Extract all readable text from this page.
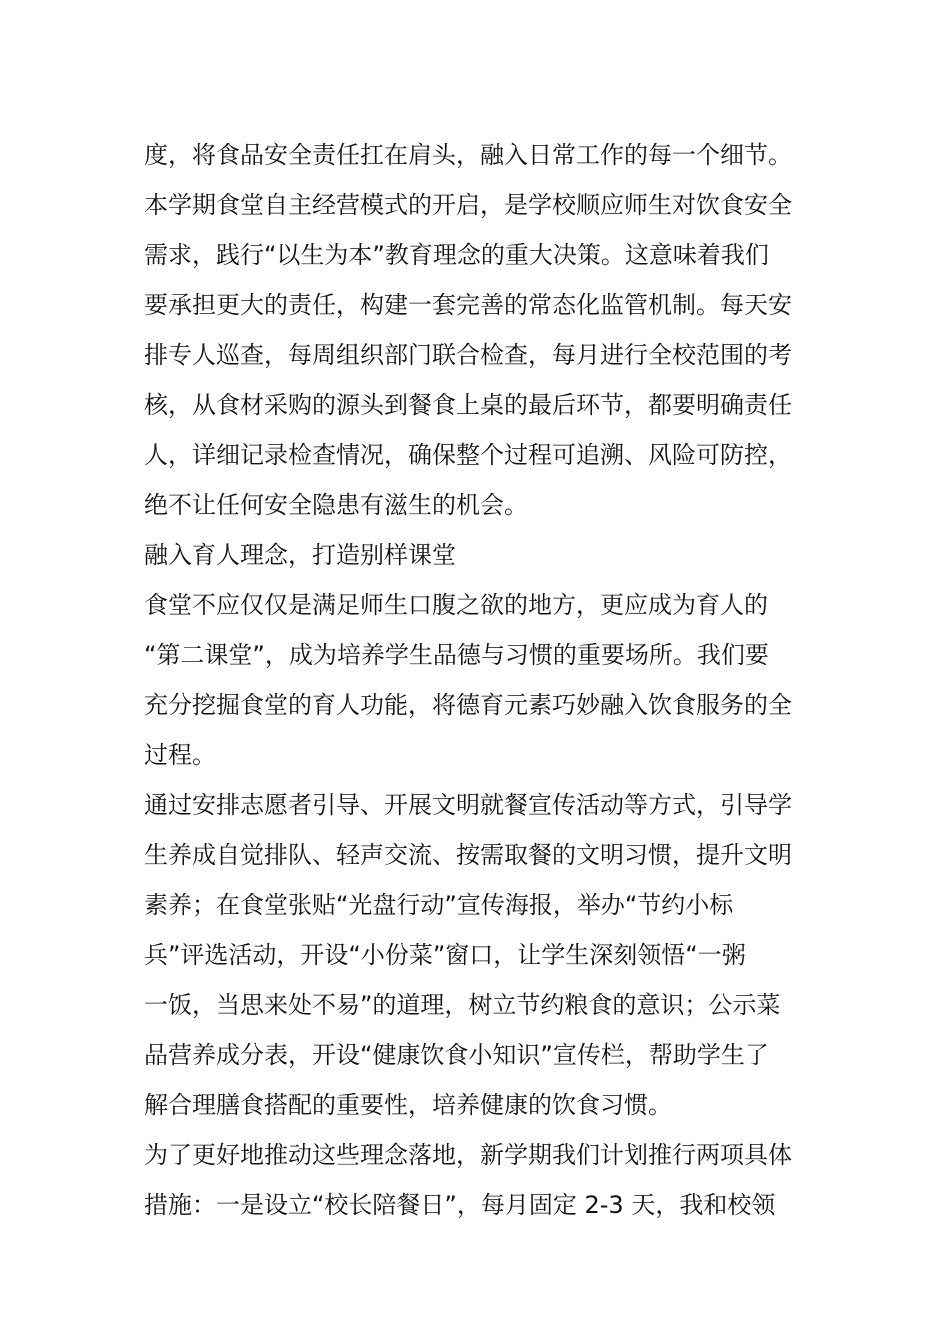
度，将食品安全责任扛在肩头，融入日常工作的每一个细节。
本学期食堂自主经营模式的开启，是学校顺应师生对饮食安全
需求，践行“以生为本”教育理念的重大决策。这意味着我们
要承担更大的责任，构建一套完善的常态化监管机制。每天安
排专人巡查，每周组织部门联合检查，每月进行全校范围的考
核，从食材采购的源头到餐食上桌的最后环节，都要明确责任
人，详细记录检查情况，确保整个过程可追溯、风险可防控，
绝不让任何安全隐患有滋生的机会。
融入育人理念，打造别样课堂
食堂不应仅仅是满足师生口腹之欲的地方，更应成为育人的
“第二课堂”，成为培养学生品德与习惯的重要场所。我们要
充分挖掘食堂的育人功能，将德育元素巧妙融入饮食服务的全
过程。
通过安排志愿者引导、开展文明就餐宣传活动等方式，引导学
生养成自觉排队、轻声交流、按需取餐的文明习惯，提升文明
素养；在食堂张贴“光盘行动”宣传海报，举办“节约小标
兵”评选活动，开设“小份菜”窗口，让学生深刻领悟“一粥
一饭，当思来处不易”的道理，树立节约粮食的意识；公示菜
品营养成分表，开设“健康饮食小知识”宣传栏，帮助学生了
解合理膳食搭配的重要性，培养健康的饮食习惯。
为了更好地推动这些理念落地，新学期我们计划推行两项具体
措施：一是设立“校长陪餐日”，每月固定 2-3 天，我和校领
